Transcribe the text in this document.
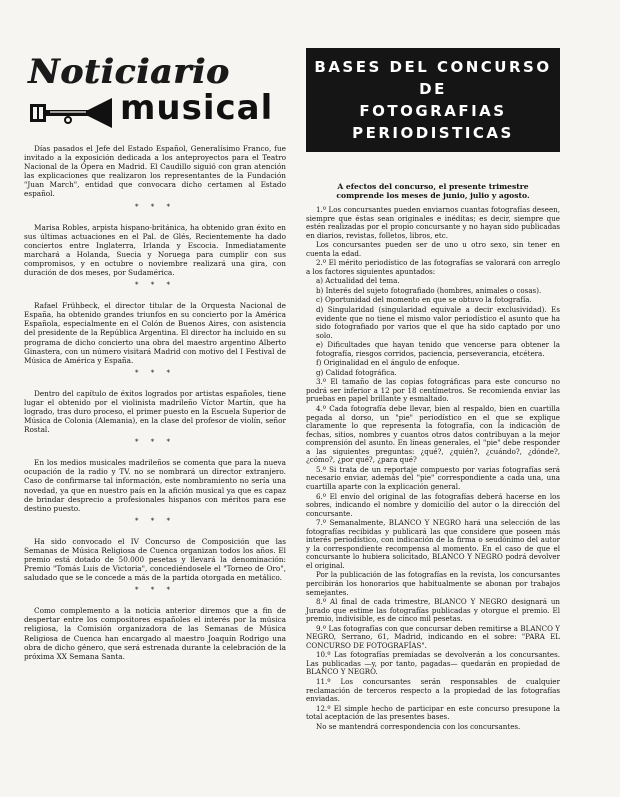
Noticiario
musical

Días pasados el Jefe del Estado Español, Generalísimo Franco, fue invitado a la exposición dedicada a los anteproyectos para el Teatro Nacional de la Ópera en Madrid. El Caudillo siguió con gran atención las explicaciones que realizaron los representantes de la Fundación "Juan March", entidad que convocara dicho certamen al Estado español.

* * *

Marisa Robles, arpista hispano-británica, ha obtenido gran éxito en sus últimas actuaciones en el Pal. de Glés, Recientemente ha dado conciertos entre Inglaterra, Irlanda y Escocia. Inmediatamente marchará a Holanda, Suecia y Noruega para cumplir con sus compromisos, y en octubre o noviembre realizará una gira, con duración de dos meses, por Sudamérica.

* * *

Rafael Frühbeck, el director titular de la Orquesta Nacional de España, ha obtenido grandes triunfos en su concierto por la América Española, especialmente en el Colón de Buenos Aires, con asistencia del presidente de la República Argentina. El director ha incluido en su programa de dicho concierto una obra del maestro argentino Alberto Ginastera, con un número visitará Madrid con motivo del I Festival de Música de América y España.

* * *

Dentro del capítulo de éxitos logrados por artistas españoles, tiene lugar el obtenido por el violinista madrileño Víctor Martín, que ha logrado, tras duro proceso, el primer puesto en la Escuela Superior de Música de Colonia (Alemania), en la clase del profesor de violín, señor Rostal.

* * *

En los medios musicales madrileños se comenta que para la nueva ocupación de la radio y TV. no se nombrará un director extranjero. Caso de confirmarse tal información, este nombramiento no sería una novedad, ya que en nuestro país en la afición musical ya que es capaz de brindar desprecio a profesionales hispanos con méritos para ese destino puesto.

* * *

Ha sido convocado el IV Concurso de Composición que las Semanas de Música Religiosa de Cuenca organizan todos los años. El premio está dotado de 50.000 pesetas y llevará la denominación: Premio "Tomás Luis de Victoria", concediéndosele el "Torneo de Oro", saludado que se le concede a más de la partida otorgada en metálico.

* * *

Como complemento a la noticia anterior diremos que a fin de despertar entre los compositores españoles el interés por la música religiosa, la Comisión organizadora de las Semanas de Música Religiosa de Cuenca han encargado al maestro Joaquín Rodrigo una obra de dicho género, que será estrenada durante la celebración de la próxima XX Semana Santa.

BASES DEL CONCURSO DE
FOTOGRAFIAS PERIODISTICAS

A efectos del concurso, el presente trimestre comprende los meses de junio, julio y agosto.

1.º Los concursantes pueden enviarnos cuantas fotografías deseen, siempre que éstas sean originales e inéditas; es decir, siempre que estén realizadas por el propio concursante y no hayan sido publicadas en diarios, revistas, folletos, libros, etc.

Los concursantes pueden ser de uno u otro sexo, sin tener en cuenta la edad.

2.º El mérito periodístico de las fotografías se valorará con arreglo a los factores siguientes apuntados:

a) Actualidad del tema.

b) Interés del sujeto fotografiado (hombres, animales o cosas).

c) Oportunidad del momento en que se obtuvo la fotografía.

d) Singularidad (singularidad equivale a decir exclusividad). Es evidente que no tiene el mismo valor periodístico el asunto que ha sido fotografiado por varios que el que ha sido captado por uno solo.

e) Dificultades que hayan tenido que vencerse para obtener la fotografía, riesgos corridos, paciencia, perseverancia, etcétera.

f) Originalidad en el ángulo de enfoque.

g) Calidad fotográfica.

3.º El tamaño de las copias fotográficas para este concurso no podrá ser inferior a 12 por 18 centímetros. Se recomienda enviar las pruebas en papel brillante y esmaltado.

4.º Cada fotografía debe llevar, bien al respaldo, bien en cuartilla pegada al dorso, un "pie" periodístico en el que se explique claramente lo que representa la fotografía, con la indicación de fechas, sitios, nombres y cuantos otros datos contribuyan a la mejor comprensión del asunto. En líneas generales, el "pie" debe responder a las siguientes preguntas: ¿qué?, ¿quién?, ¿cuándo?, ¿dónde?, ¿cómo?, ¿por qué?, ¿para qué?

5.º Si trata de un reportaje compuesto por varias fotografías será necesario enviar, además del "pie" correspondiente a cada una, una cuartilla aparte con la explicación general.

6.º El envío del original de las fotografías deberá hacerse en los sobres, indicando el nombre y domicilio del autor o la dirección del concursante.

7.º Semanalmente, BLANCO Y NEGRO hará una selección de las fotografías recibidas y publicará las que considere que poseen más interés periodístico, con indicación de la firma o seudónimo del autor y la correspondiente recompensa al momento. En el caso de que el concursante lo hubiera solicitado, BLANCO Y NEGRO podrá devolver el original.

Por la publicación de las fotografías en la revista, los concursantes percibirán los honorarios que habitualmente se abonan por trabajos semejantes.

8.º Al final de cada trimestre, BLANCO Y NEGRO designará un Jurado que estime las fotografías publicadas y otorgue el premio. El premio, indivisible, es de cinco mil pesetas.

9.º Las fotografías con que concursar deben remitirse a BLANCO Y NEGRO, Serrano, 61, Madrid, indicando en el sobre: "PARA EL CONCURSO DE FOTOGRAFÍAS".

10.º Las fotografías premiadas se devolverán a los concursantes. Las publicadas —y, por tanto, pagadas— quedarán en propiedad de BLANCO Y NEGRO.

11.º Los concursantes serán responsables de cualquier reclamación de terceros respecto a la propiedad de las fotografías enviadas.

12.º El simple hecho de participar en este concurso presupone la total aceptación de las presentes bases.

No se mantendrá correspondencia con los concursantes.
